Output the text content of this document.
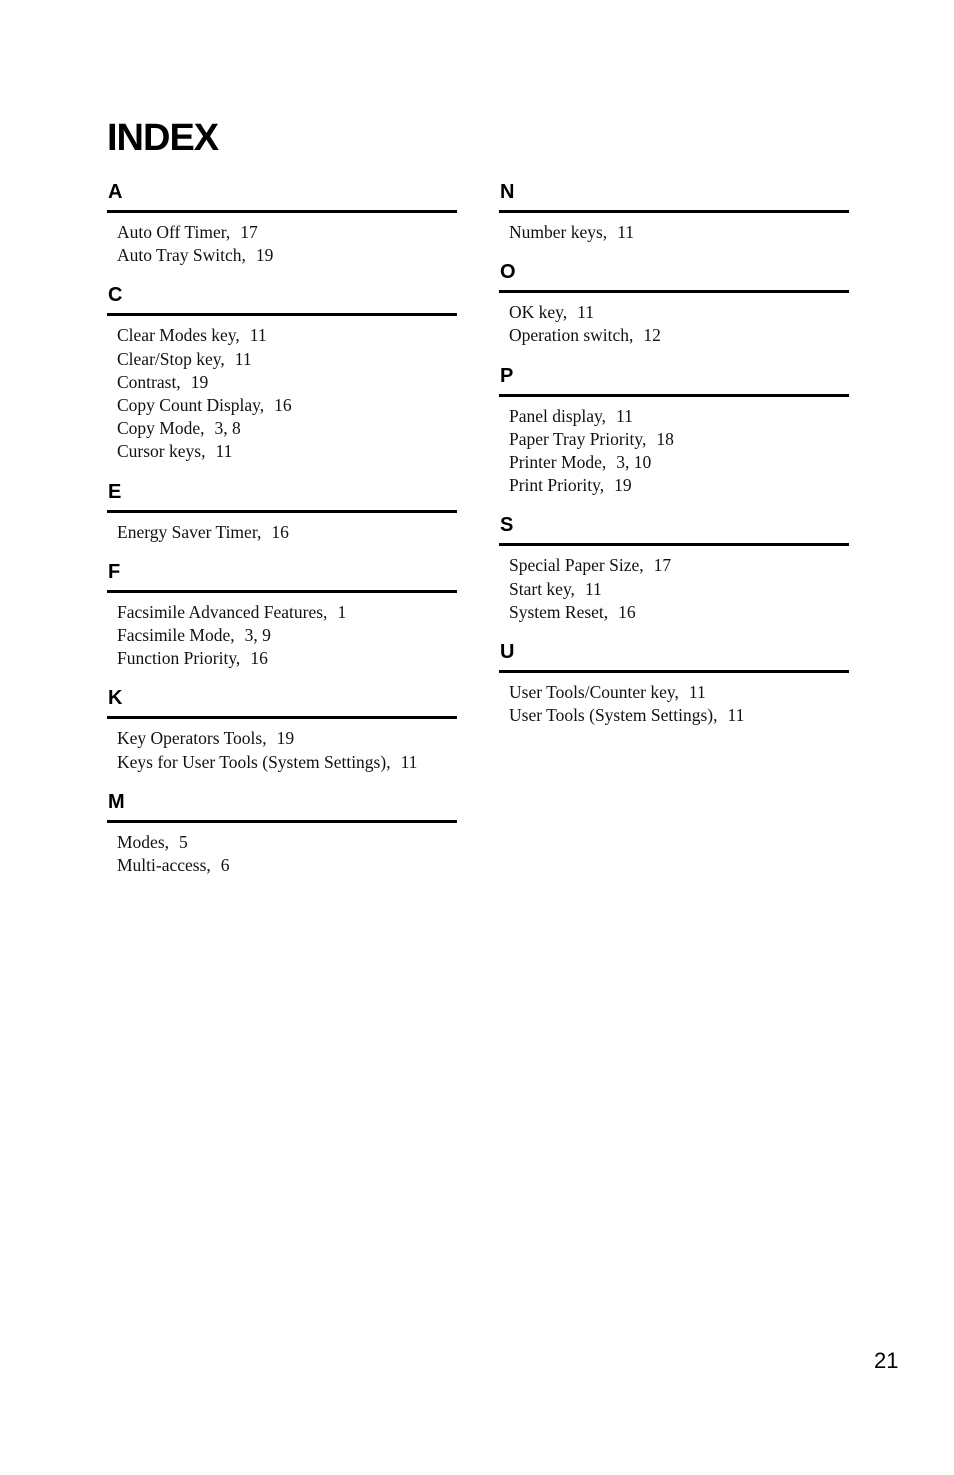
INDEX
A
Auto Off Timer, 17
Auto Tray Switch, 19
C
Clear Modes key, 11
Clear/Stop key, 11
Contrast, 19
Copy Count Display, 16
Copy Mode, 3, 8
Cursor keys, 11
E
Energy Saver Timer, 16
F
Facsimile Advanced Features, 1
Facsimile Mode, 3, 9
Function Priority, 16
K
Key Operators Tools, 19
Keys for User Tools (System Settings), 11
M
Modes, 5
Multi-access, 6
N
Number keys, 11
O
OK key, 11
Operation switch, 12
P
Panel display, 11
Paper Tray Priority, 18
Printer Mode, 3, 10
Print Priority, 19
S
Special Paper Size, 17
Start key, 11
System Reset, 16
U
User Tools/Counter key, 11
User Tools (System Settings), 11
21
